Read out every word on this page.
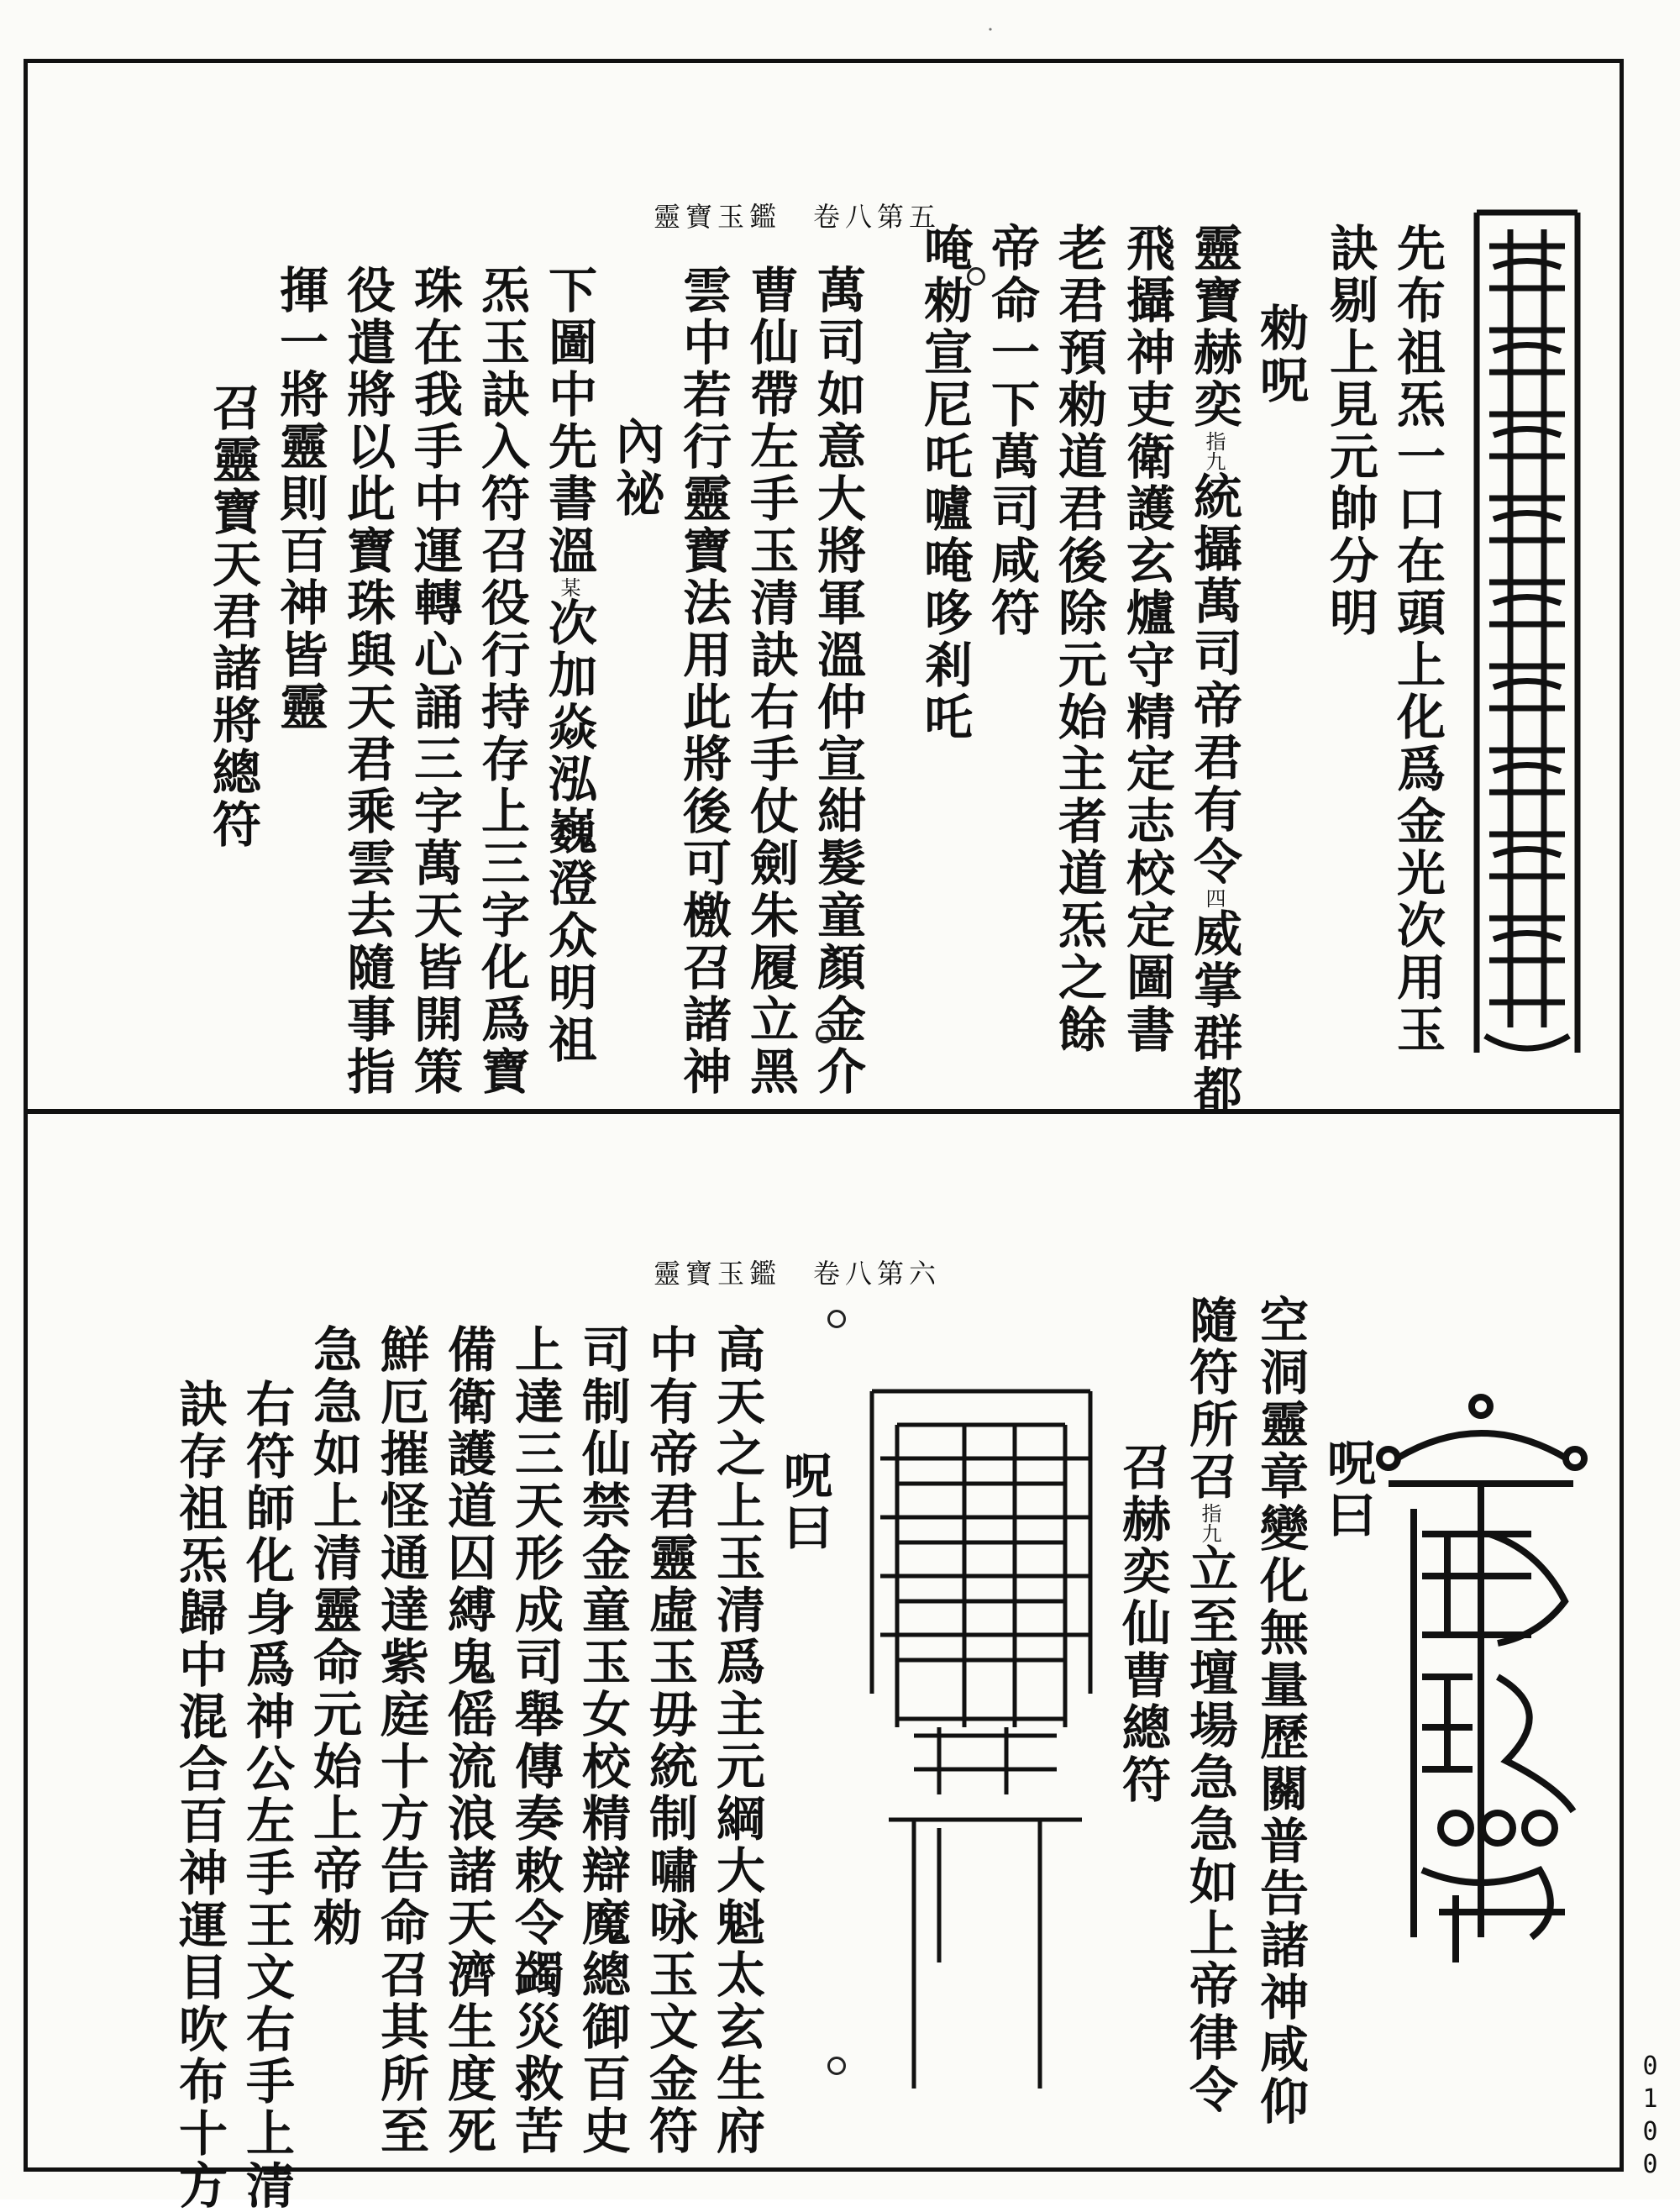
・
靈寶玉鑑　卷八第五
先布祖炁一口在頭上化爲金光次用玉
訣剔上見元帥分明
勑呪
靈寶赫奕指九統攝萬司帝君有令四威掌群都
飛攝神吏衛護玄爐守精定志校定圖書
老君預勑道君後除元始主者道炁之餘
帝命一下萬司咸符
唵勑宣尼吒嚧唵哆剎吒
萬司如意大將軍溫仲宣紺髮童顏金介
曹仙帶左手玉清訣右手仗劍朱履立黑
雲中若行靈寶法用此將後可檄召諸神
內祕
下圖中先書溫某次加焱泓巍澄众明祖
炁玉訣入符召役行持存上三字化爲寶
珠在我手中運轉心誦三字萬天皆開策
役遣將以此寶珠與天君乘雲去隨事指
揮一將靈則百神皆靈
召靈寶天君諸將總符
靈寶玉鑑　卷八第六
呪曰
空洞靈章變化無量歷關普告諸神咸仰
隨符所召指九立至壇場急急如上帝律令
召赫奕仙曹總符
呪曰
高天之上玉清爲主元綱大魁太玄生府
中有帝君靈虛玉毋統制嘯咏玉文金符
司制仙禁金童玉女校精辯魔總御百史
上達三天形成司舉傳奏敕令蠲災救苦
備衛護道囚縛鬼傜流浪諸天濟生度死
鮮厄摧怪通達紫庭十方告命召其所至
急急如上清靈命元始上帝勑
右符師化身爲神公左手王文右手上清
訣存祖炁歸中混合百神運目吹布十方	0100
